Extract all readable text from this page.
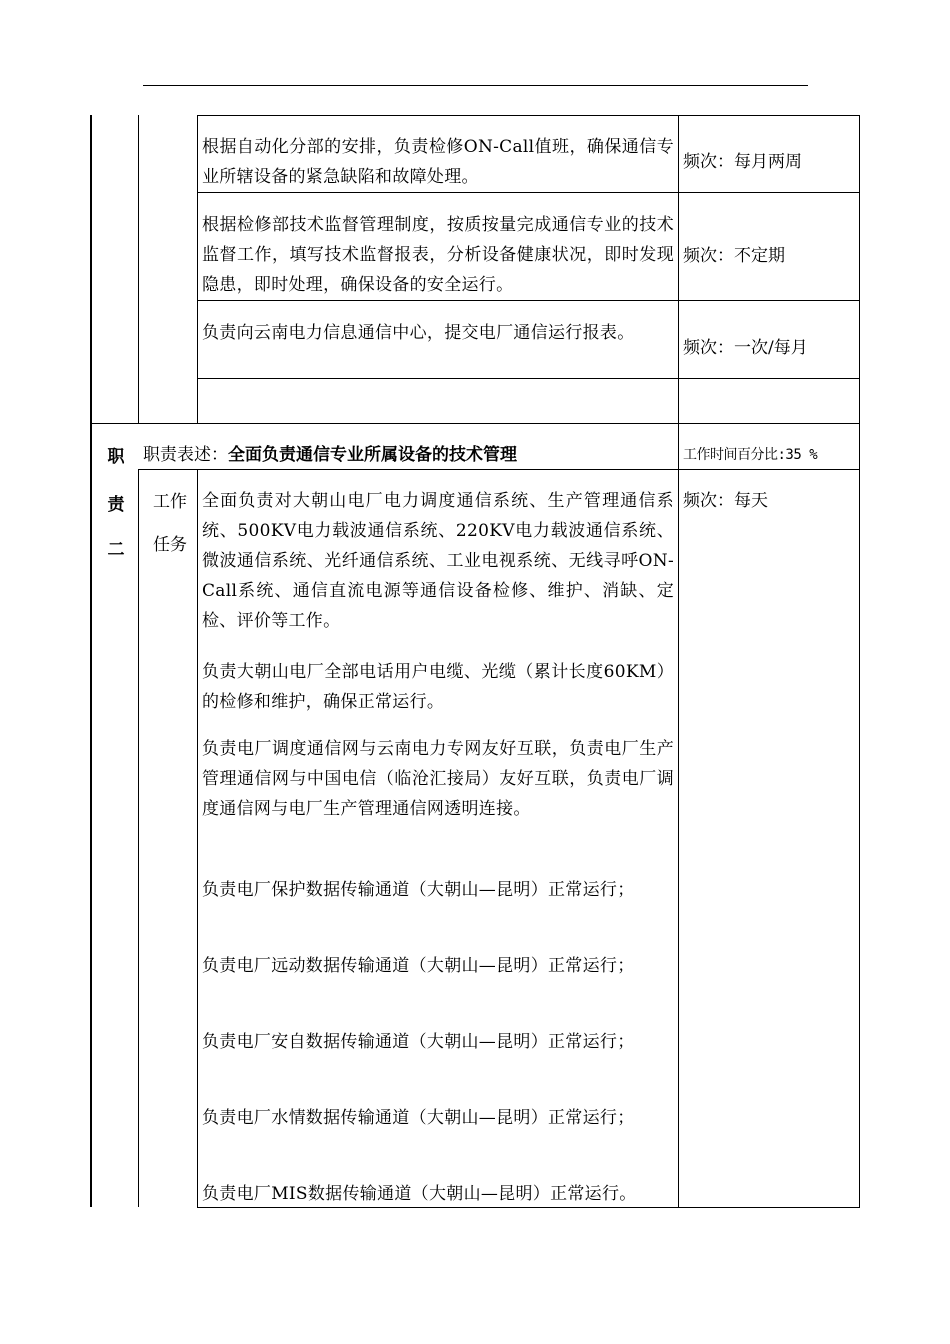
根据自动化分部的安排，负责检修ON-Call值班，确保通信专业所辖设备的紧急缺陷和故障处理。
频次：每月两周
根据检修部技术监督管理制度，按质按量完成通信专业的技术监督工作，填写技术监督报表，分析设备健康状况，即时发现隐患，即时处理，确保设备的安全运行。
频次：不定期
负责向云南电力信息通信中心，提交电厂通信运行报表。
频次：一次/每月
职
责
二
职责表述：全面负责通信专业所属设备的技术管理	工作时间百分比:35 %
工作
任务
频次：每天
全面负责对大朝山电厂电力调度通信系统、生产管理通信系统、500KV电力载波通信系统、220KV电力载波通信系统、微波通信系统、光纤通信系统、工业电视系统、无线寻呼ON-Call系统、通信直流电源等通信设备检修、维护、消缺、定检、评价等工作。
负责大朝山电厂全部电话用户电缆、光缆（累计长度60KM）的检修和维护，确保正常运行。
负责电厂调度通信网与云南电力专网友好互联，负责电厂生产管理通信网与中国电信（临沧汇接局）友好互联，负责电厂调度通信网与电厂生产管理通信网透明连接。
负责电厂保护数据传输通道（大朝山—昆明）正常运行；
负责电厂远动数据传输通道（大朝山—昆明）正常运行；
负责电厂安自数据传输通道（大朝山—昆明）正常运行；
负责电厂水情数据传输通道（大朝山—昆明）正常运行；
负责电厂MIS数据传输通道（大朝山—昆明）正常运行。
